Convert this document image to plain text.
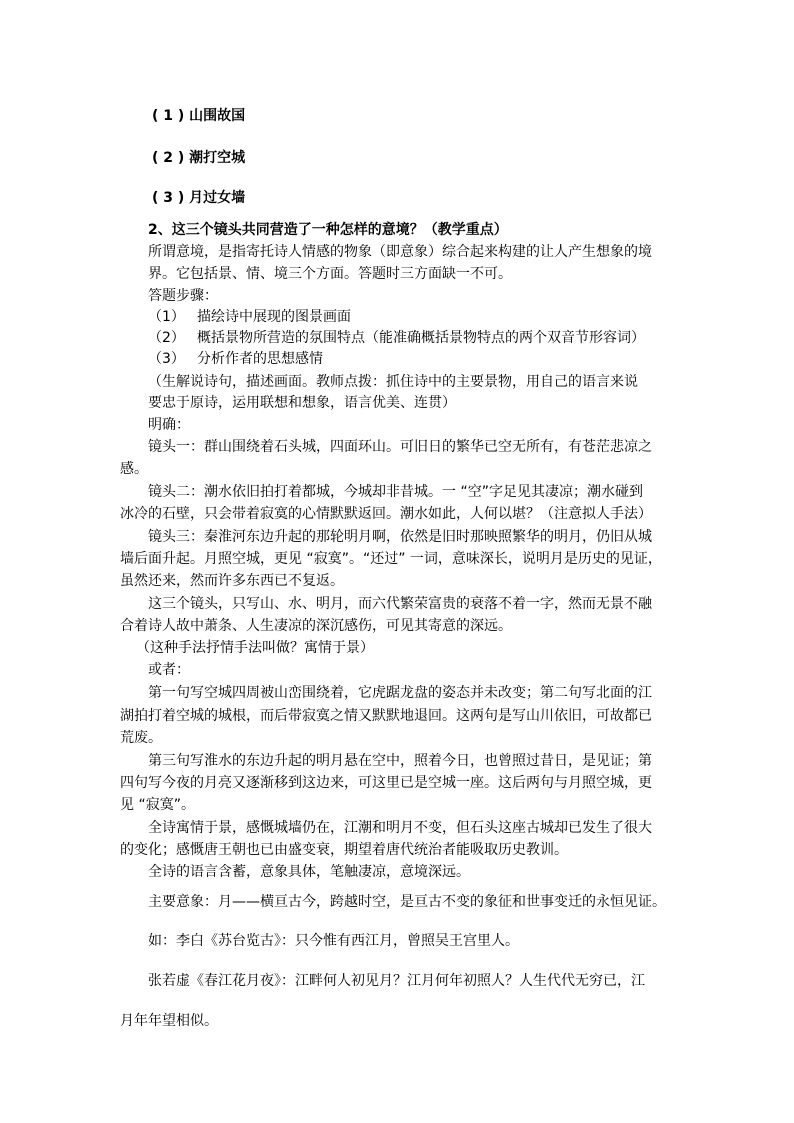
( 1 ) 山围故国
( 2 ) 潮打空城
( 3 ) 月过女墙
2、这三个镜头共同营造了一种怎样的意境？（教学重点）
所谓意境，是指寄托诗人情感的物象（即意象）综合起来构建的让人产生想象的境
界。它包括景、情、境三个方面。答题时三方面缺一不可。
答题步骤：
（1） 描绘诗中展现的图景画面
（2） 概括景物所营造的氛围特点（能准确概括景物特点的两个双音节形容词）
（3） 分析作者的思想感情
（生解说诗句，描述画面。教师点拨：抓住诗中的主要景物，用自己的语言来说
要忠于原诗，运用联想和想象，语言优美、连贯）
明确：
镜头一：群山围绕着石头城，四面环山。可旧日的繁华已空无所有，有苍茫悲凉之
感。
镜头二：潮水依旧拍打着都城，今城却非昔城。一 “空”字足见其凄凉；潮水碰到
冰冷的石壁，只会带着寂寞的心情默默返回。潮水如此，人何以堪？（注意拟人手法）
镜头三：秦淮河东边升起的那轮明月啊，依然是旧时那映照繁华的明月，仍旧从城
墙后面升起。月照空城，更见 “寂寞”。“还过” 一词，意味深长，说明月是历史的见证，
虽然还来，然而许多东西已不复返。
这三个镜头，只写山、水、明月，而六代繁荣富贵的衰落不着一字，然而无景不融
合着诗人故中萧条、人生凄凉的深沉感伤，可见其寄意的深远。
（这种手法抒情手法叫做？寓情于景）
或者：
第一句写空城四周被山峦围绕着，它虎踞龙盘的姿态并未改变；第二句写北面的江
湖拍打着空城的城根，而后带寂寞之情又默默地退回。这两句是写山川依旧，可故都已
荒废。
第三句写淮水的东边升起的明月悬在空中，照着今日，也曾照过昔日，是见证；第
四句写今夜的月亮又逐渐移到这边来，可这里已是空城一座。这后两句与月照空城，更
见 “寂寞”。
全诗寓情于景，感慨城墙仍在，江潮和明月不变，但石头这座古城却已发生了很大
的变化；感慨唐王朝也已由盛变衰，期望着唐代统治者能吸取历史教训。
全诗的语言含蓄，意象具体，笔触凄凉，意境深远。
主要意象：月——横亘古今，跨越时空，是亘古不变的象征和世事变迁的永恒见证。
如：李白《苏台览古》：只今惟有西江月，曾照吴王宫里人。
张若虚《春江花月夜》：江畔何人初见月？江月何年初照人？人生代代无穷已，江
月年年望相似。
